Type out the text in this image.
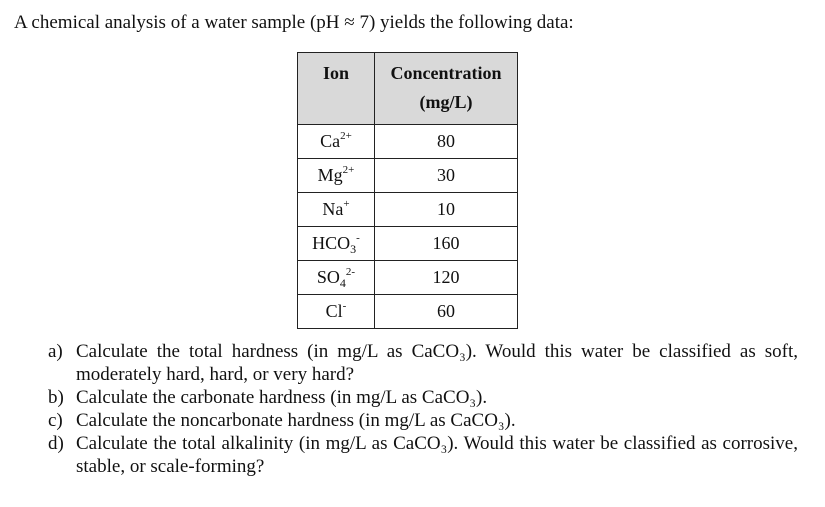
A chemical analysis of a water sample (pH ≈ 7) yields the following data:
Ion	Concentration
(mg/L)

$Ca^{2+}$	80
$Mg^{2+}$	30
Na+	10
$HCO_3^-$	160
$SO_4^{2-}$	120
Cl-	60
a) Calculate the total hardness (in mg/L as CaCO₃). Would this water be classified as soft, moderately hard, hard, or very hard?
b) Calculate the carbonate hardness (in mg/L as CaCO₃).
c) Calculate the noncarbonate hardness (in mg/L as CaCO₃).
d) Calculate the total alkalinity (in mg/L as CaCO₃). Would this water be classified as corrosive, stable, or scale-forming?
